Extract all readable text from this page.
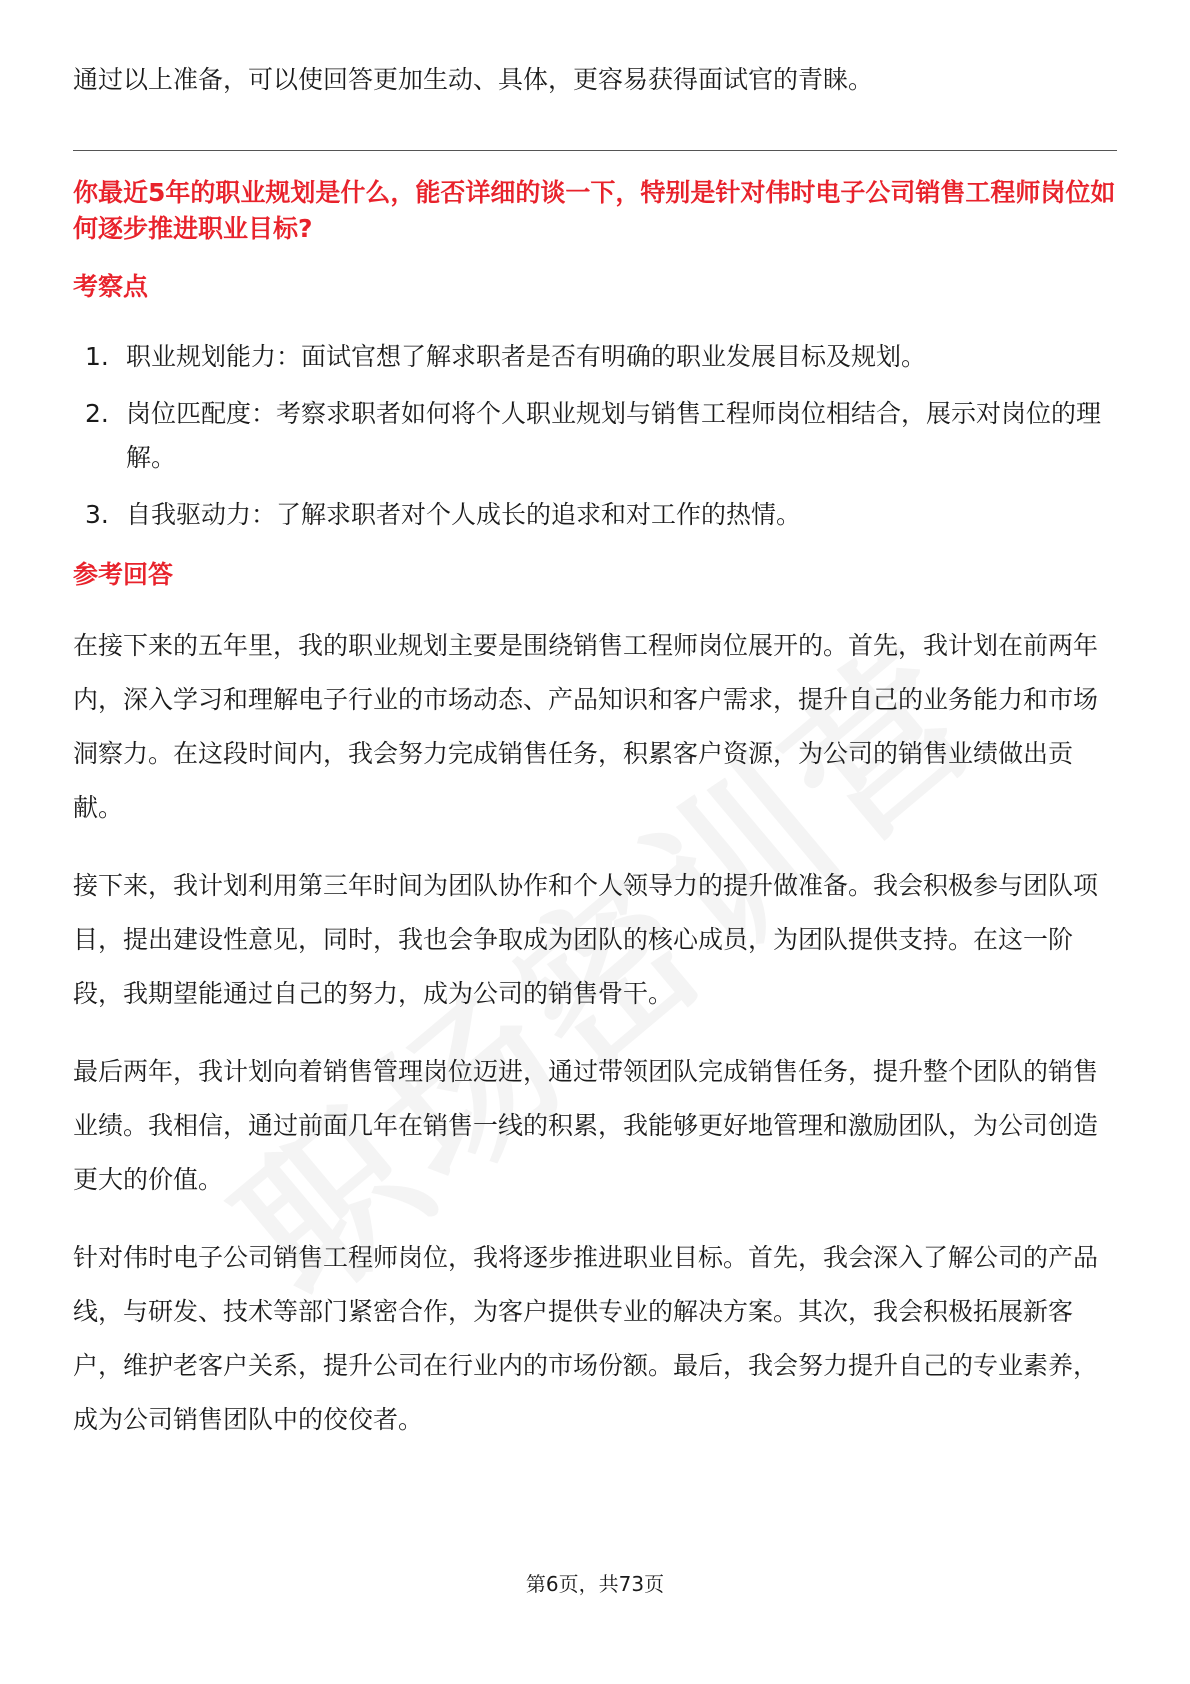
通过以上准备，可以使回答更加生动、具体，更容易获得面试官的青睐。

你最近5年的职业规划是什么，能否详细的谈一下，特别是针对伟时电子公司销售工程师岗位如何逐步推进职业目标?
考察点
1. 职业规划能力：面试官想了解求职者是否有明确的职业发展目标及规划。
2. 岗位匹配度：考察求职者如何将个人职业规划与销售工程师岗位相结合，展示对岗位的理解。
3. 自我驱动力：了解求职者对个人成长的追求和对工作的热情。
参考回答

在接下来的五年里，我的职业规划主要是围绕销售工程师岗位展开的。首先，我计划在前两年内，深入学习和理解电子行业的市场动态、产品知识和客户需求，提升自己的业务能力和市场洞察力。在这段时间内，我会努力完成销售任务，积累客户资源，为公司的销售业绩做出贡献。

接下来，我计划利用第三年时间为团队协作和个人领导力的提升做准备。我会积极参与团队项目，提出建设性意见，同时，我也会争取成为团队的核心成员，为团队提供支持。在这一阶段，我期望能通过自己的努力，成为公司的销售骨干。

最后两年，我计划向着销售管理岗位迈进，通过带领团队完成销售任务，提升整个团队的销售业绩。我相信，通过前面几年在销售一线的积累，我能够更好地管理和激励团队，为公司创造更大的价值。

针对伟时电子公司销售工程师岗位，我将逐步推进职业目标。首先，我会深入了解公司的产品线，与研发、技术等部门紧密合作，为客户提供专业的解决方案。其次，我会积极拓展新客户，维护老客户关系，提升公司在行业内的市场份额。最后，我会努力提升自己的专业素养，成为公司销售团队中的佼佼者。

第6页，共73页
